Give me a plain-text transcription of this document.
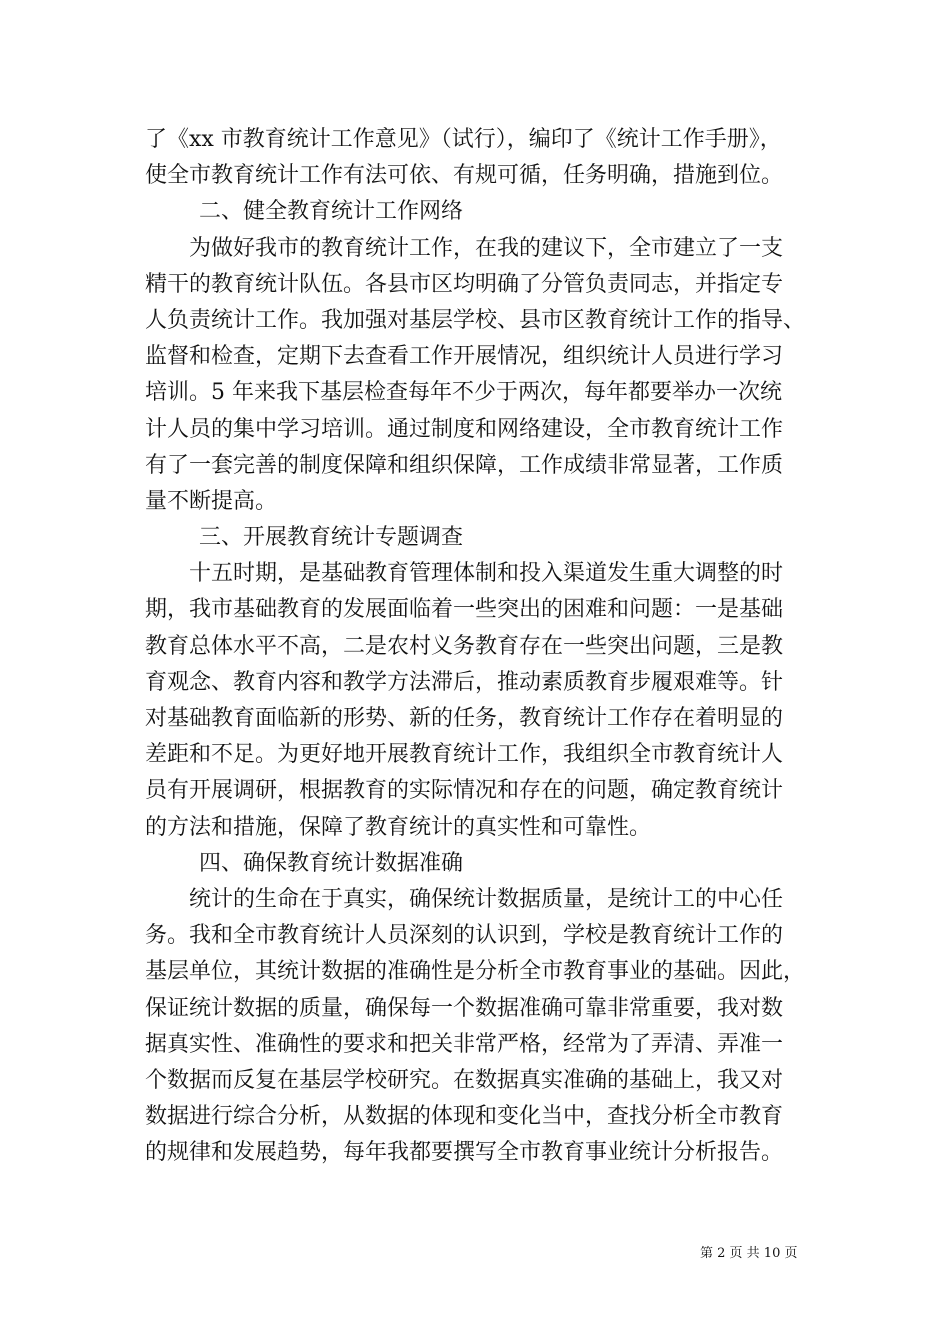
了《xx 市教育统计工作意见》（试行），编印了《统计工作手册》，
使全市教育统计工作有法可依、有规可循，任务明确，措施到位。
二、健全教育统计工作网络
为做好我市的教育统计工作，在我的建议下，全市建立了一支
精干的教育统计队伍。各县市区均明确了分管负责同志，并指定专
人负责统计工作。我加强对基层学校、县市区教育统计工作的指导、
监督和检查，定期下去查看工作开展情况，组织统计人员进行学习
培训。5 年来我下基层检查每年不少于两次，每年都要举办一次统
计人员的集中学习培训。通过制度和网络建设，全市教育统计工作
有了一套完善的制度保障和组织保障，工作成绩非常显著，工作质
量不断提高。
三、开展教育统计专题调查
十五时期，是基础教育管理体制和投入渠道发生重大调整的时
期，我市基础教育的发展面临着一些突出的困难和问题：一是基础
教育总体水平不高，二是农村义务教育存在一些突出问题，三是教
育观念、教育内容和教学方法滞后，推动素质教育步履艰难等。针
对基础教育面临新的形势、新的任务，教育统计工作存在着明显的
差距和不足。为更好地开展教育统计工作，我组织全市教育统计人
员有开展调研，根据教育的实际情况和存在的问题，确定教育统计
的方法和措施，保障了教育统计的真实性和可靠性。
四、确保教育统计数据准确
统计的生命在于真实，确保统计数据质量，是统计工的中心任
务。我和全市教育统计人员深刻的认识到，学校是教育统计工作的
基层单位，其统计数据的准确性是分析全市教育事业的基础。因此，
保证统计数据的质量，确保每一个数据准确可靠非常重要，我对数
据真实性、准确性的要求和把关非常严格，经常为了弄清、弄准一
个数据而反复在基层学校研究。在数据真实准确的基础上，我又对
数据进行综合分析，从数据的体现和变化当中，查找分析全市教育
的规律和发展趋势，每年我都要撰写全市教育事业统计分析报告。
第 2 页 共 10 页
